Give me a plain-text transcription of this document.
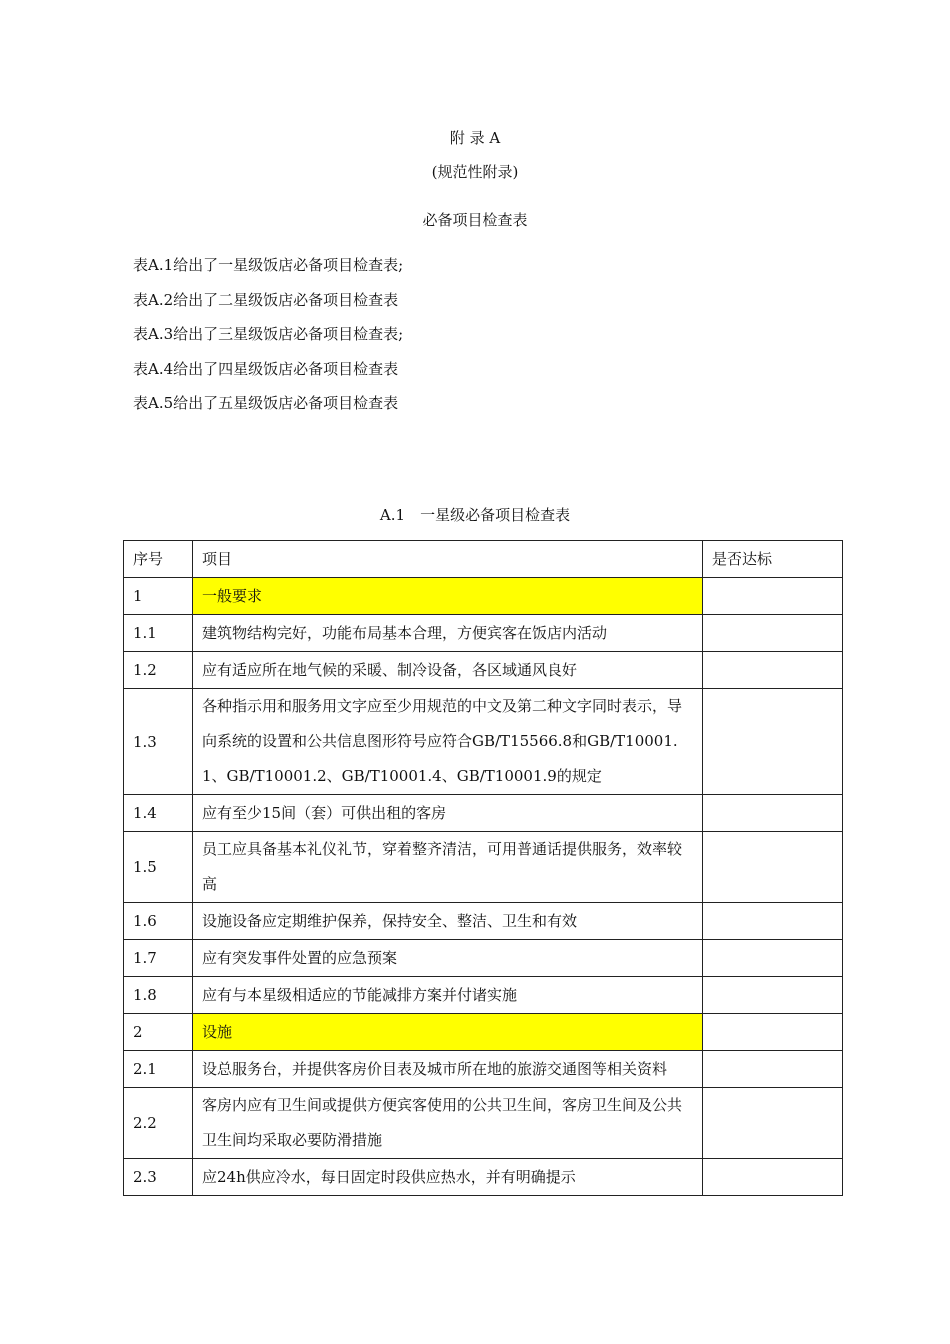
附 录 A
(规范性附录)
必备项目检查表
表A.1给出了一星级饭店必备项目检查表;
表A.2给出了二星级饭店必备项目检查表
表A.3给出了三星级饭店必备项目检查表;
表A.4给出了四星级饭店必备项目检查表
表A.5给出了五星级饭店必备项目检查表
A.1　一星级必备项目检查表
序号	项目	是否达标
1	一般要求	
1.1	建筑物结构完好，功能布局基本合理，方便宾客在饭店内活动	
1.2	应有适应所在地气候的采暖、制冷设备，各区域通风良好	
1.3	各种指示用和服务用文字应至少用规范的中文及第二种文字同时表示，导向系统的设置和公共信息图形符号应符合GB/T15566.8和GB/T10001.1、GB/T10001.2、GB/T10001.4、GB/T10001.9的规定	
1.4	应有至少15间（套）可供出租的客房	
1.5	员工应具备基本礼仪礼节，穿着整齐清洁，可用普通话提供服务，效率较高	
1.6	设施设备应定期维护保养，保持安全、整洁、卫生和有效	
1.7	应有突发事件处置的应急预案	
1.8	应有与本星级相适应的节能减排方案并付诸实施	
2	设施	
2.1	设总服务台，并提供客房价目表及城市所在地的旅游交通图等相关资料	
2.2	客房内应有卫生间或提供方便宾客使用的公共卫生间，客房卫生间及公共卫生间均采取必要防滑措施	
2.3	应24h供应冷水，每日固定时段供应热水，并有明确提示	
